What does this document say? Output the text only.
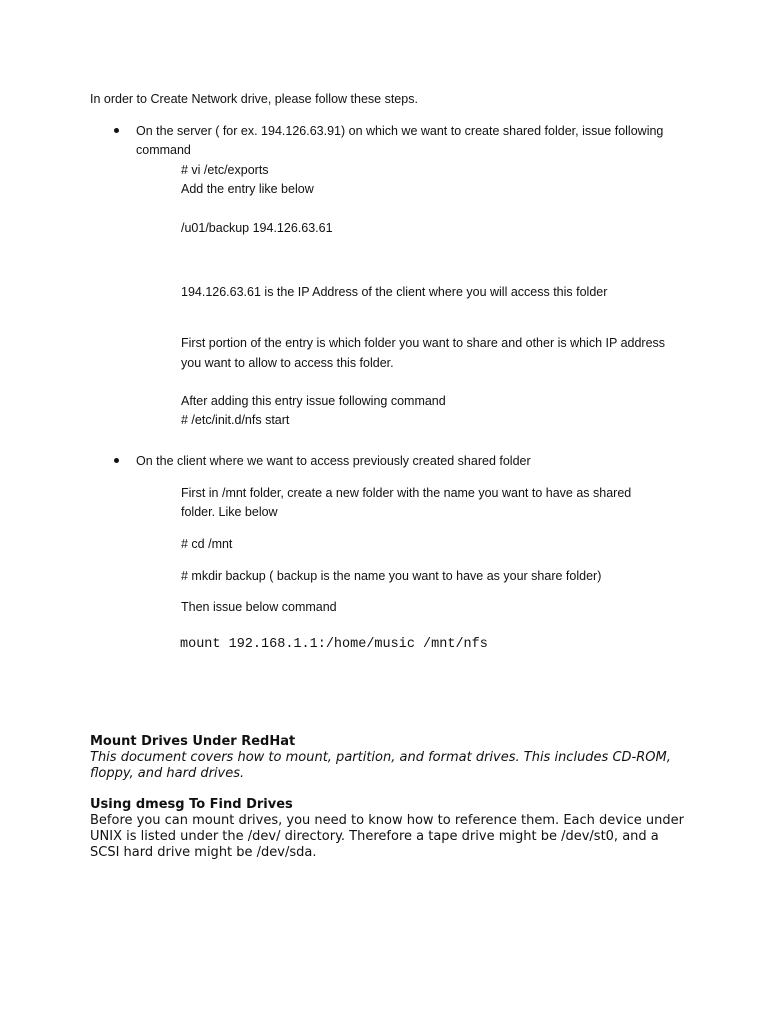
In order to Create Network drive, please follow these steps.
On the server ( for ex. 194.126.63.91) on which we want to create shared folder, issue following
command
# vi /etc/exports
Add the entry like below
/u01/backup 194.126.63.61
194.126.63.61 is the IP Address of the client where you will access this folder
First portion of the entry is which folder you want to share and other is which IP address
you want to allow to access this folder.
After adding this entry issue following command
# /etc/init.d/nfs start
On the client where we want to access previously created shared folder
First in /mnt folder, create a new folder with the name you want to have as shared
folder. Like below
# cd /mnt
# mkdir backup ( backup is the name you want to have as your share folder)
Then issue below command
mount 192.168.1.1:/home/music /mnt/nfs
Mount Drives Under RedHat
This document covers how to mount, partition, and format drives. This includes CD-ROM,
floppy, and hard drives.
Using dmesg To Find Drives
Before you can mount drives, you need to know how to reference them. Each device under
UNIX is listed under the /dev/ directory. Therefore a tape drive might be /dev/st0, and a
SCSI hard drive might be /dev/sda.
